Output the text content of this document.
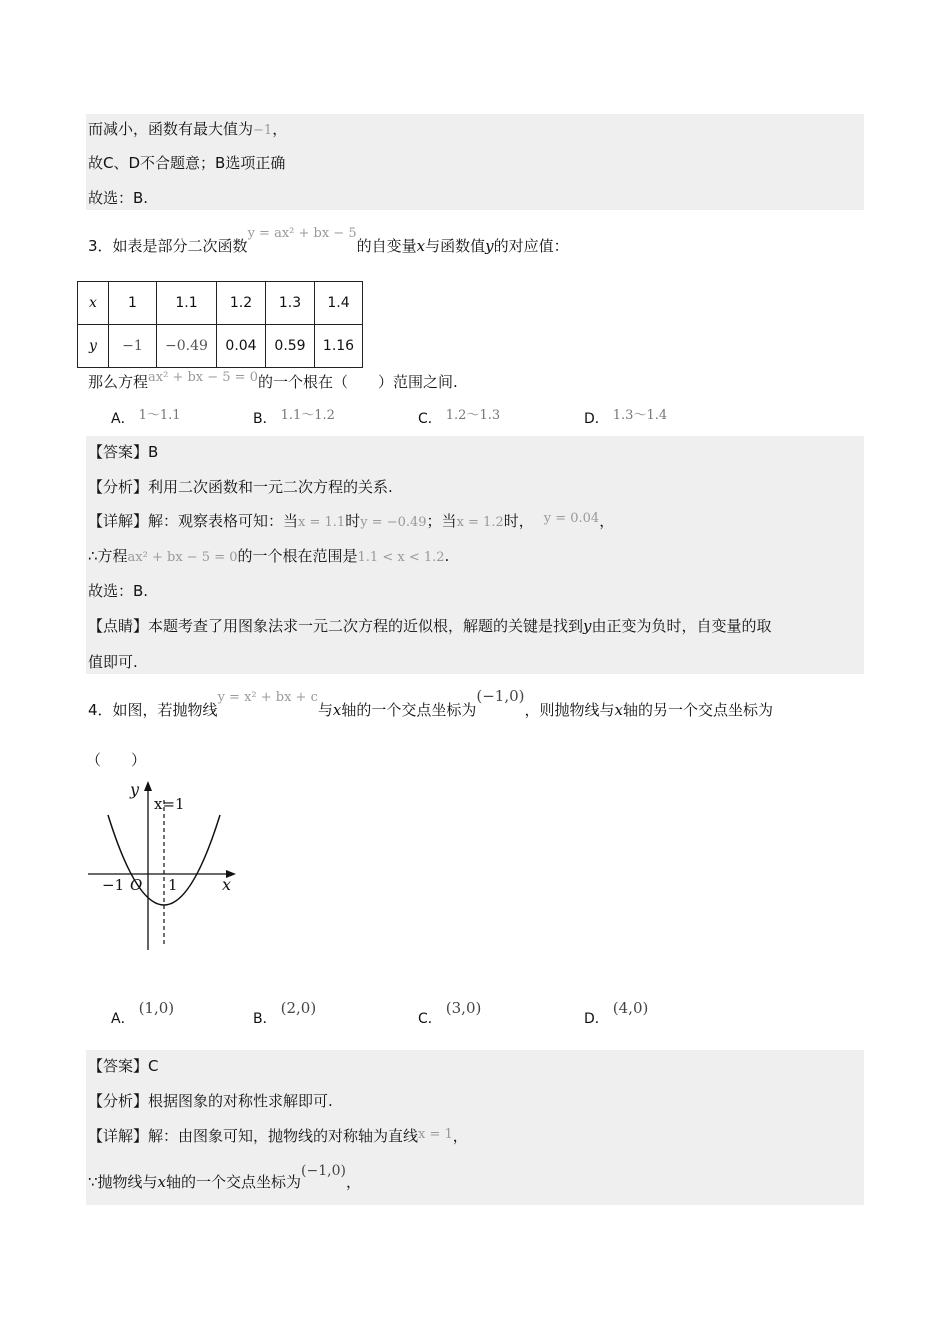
而减小，函数有最大值为−1，
故C、D不合题意；B选项正确
故选：B.
3．如表是部分二次函数y = ax² + bx − 5的自变量x与函数值y的对应值：
x	1	1.1	1.2	1.3	1.4
y	−1	−0.49	0.04	0.59	1.16
那么方程ax² + bx − 5 = 0的一个根在（　　）范围之间.
A． 1～1.1	B． 1.1～1.2	C． 1.2～1.3	D． 1.3～1.4
【答案】B
【分析】利用二次函数和一元二次方程的关系.
【详解】解：观察表格可知：当x = 1.1时y = −0.49；当x = 1.2时， y = 0.04，
∴方程ax² + bx − 5 = 0的一个根在范围是1.1 < x < 1.2.
故选：B.
【点睛】本题考查了用图象法求一元二次方程的近似根，解题的关键是找到y由正变为负时，自变量的取
值即可.
4．如图，若抛物线y = x² + bx + c与x轴的一个交点坐标为(−1,0)，则抛物线与x轴的另一个交点坐标为
（　　）
y
x
x=1
−1 O 1
A．(1,0)
B．(2,0)
C．(3,0)
D．(4,0)
【答案】C
【分析】根据图象的对称性求解即可.
【详解】解：由图象可知，抛物线的对称轴为直线x = 1，
∵抛物线与x轴的一个交点坐标为(−1,0)，
